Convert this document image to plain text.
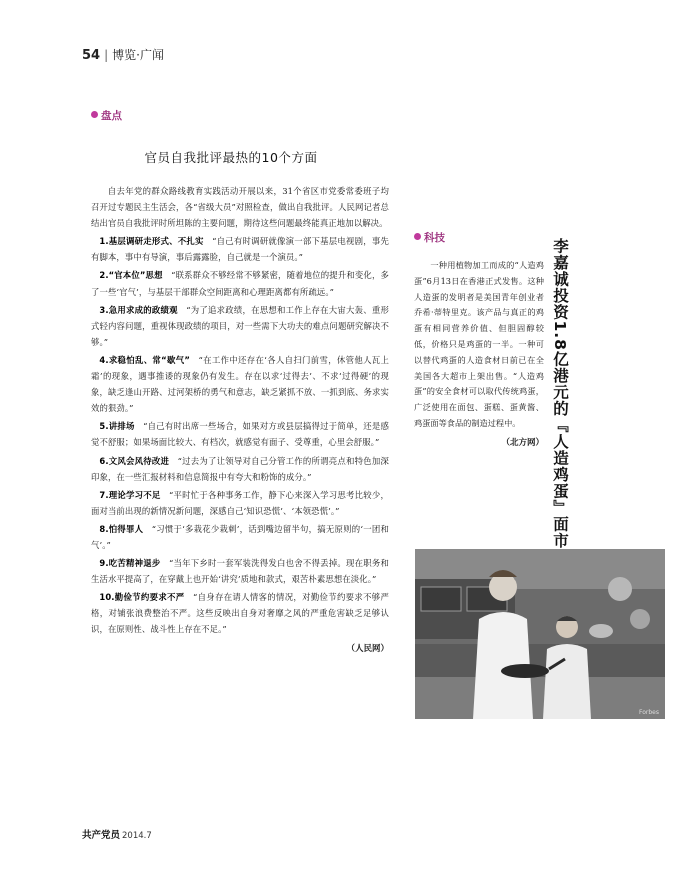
54 | 博览·广闻
盘点
官员自我批评最热的10个方面

自去年党的群众路线教育实践活动开展以来，31个省区市党委常委班子均召开过专题民主生活会，各“省级大员”对照检查，做出自我批评。人民网记者总结出官员自我批评时所坦陈的主要问题，期待这些问题最终能真正地加以解决。

1.基层调研走形式、不扎实  “自己有时调研就像演一部下基层电视剧，事先有脚本，事中有导演，事后露露脸，自己就是一个演员。”

2.“官本位”思想  “联系群众不够经常不够紧密，随着地位的提升和变化，多了一些‘官气’，与基层干部群众空间距离和心理距离都有所疏远。”

3.急用求成的政绩观  “为了追求政绩，在思想和工作上存在大宙大轰、重形式轻内容问题，重视体现政绩的项目，对一些需下大功夫的难点问题研究解决不够。”

4.求稳怕乱、常“歇气”  “在工作中还存在‘各人自扫门前雪，休管他人瓦上霜’的现象，遇事推诿的现象仍有发生。存在以求‘过得去’、不求‘过得硬’的现象，缺乏逢山开路、过河架桥的勇气和意志，缺乏紧抓不放、一抓到底、务求实效的狠劲。”

5.讲排场  “自己有时出席一些场合，如果对方或县层搞得过于简单，还是感觉不舒服；如果场面比较大、有档次，就感觉有面子、受尊重，心里会舒服。”

6.文风会风待改进  “过去为了让领导对自己分管工作的所谓亮点和特色加深印象，在一些汇报材料和信息简报中有夸大和粉饰的成分。”

7.理论学习不足  “平时忙于各种事务工作，静下心来深入学习思考比较少，面对当前出现的新情况新问题，深感自己‘知识恐慌’、‘本领恐慌’。”

8.怕得罪人  “习惯于‘多栽花少栽刺’，话到嘴边留半句，搞无原则的‘一团和气’。”

9.吃苦精神退步  “当年下乡时一套军装洗得发白也舍不得丢掉。现在职务和生活水平提高了，在穿戴上也开始‘讲究’质地和款式，艰苦朴素思想在淡化。”

10.勤俭节约要求不严  “自身存在请人情客的情况，对勤俭节约要求不够严格，对铺张浪费整治不严。这些反映出自身对奢靡之风的严重危害缺乏足够认识，在原则性、战斗性上存在不足。”

（人民网）
科技	李嘉诚投资1.8亿港元的『人造鸡蛋』面市

一种用植物加工而成的“人造鸡蛋”6月13日在香港正式发售。这种人造蛋的发明者是美国青年创业者乔希·蒂特里克。该产品与真正的鸡蛋有相同营养价值、但胆固醇较低，价格只是鸡蛋的一半。一种可以替代鸡蛋的人造食材日前已在全美国各大超市上架出售。“人造鸡蛋”的安全食材可以取代传统鸡蛋，广泛使用在面包、蛋糕、蛋黄酱、鸡蛋面等食品的制造过程中。

（北方网）
Forbes
共产党员 2014.7
